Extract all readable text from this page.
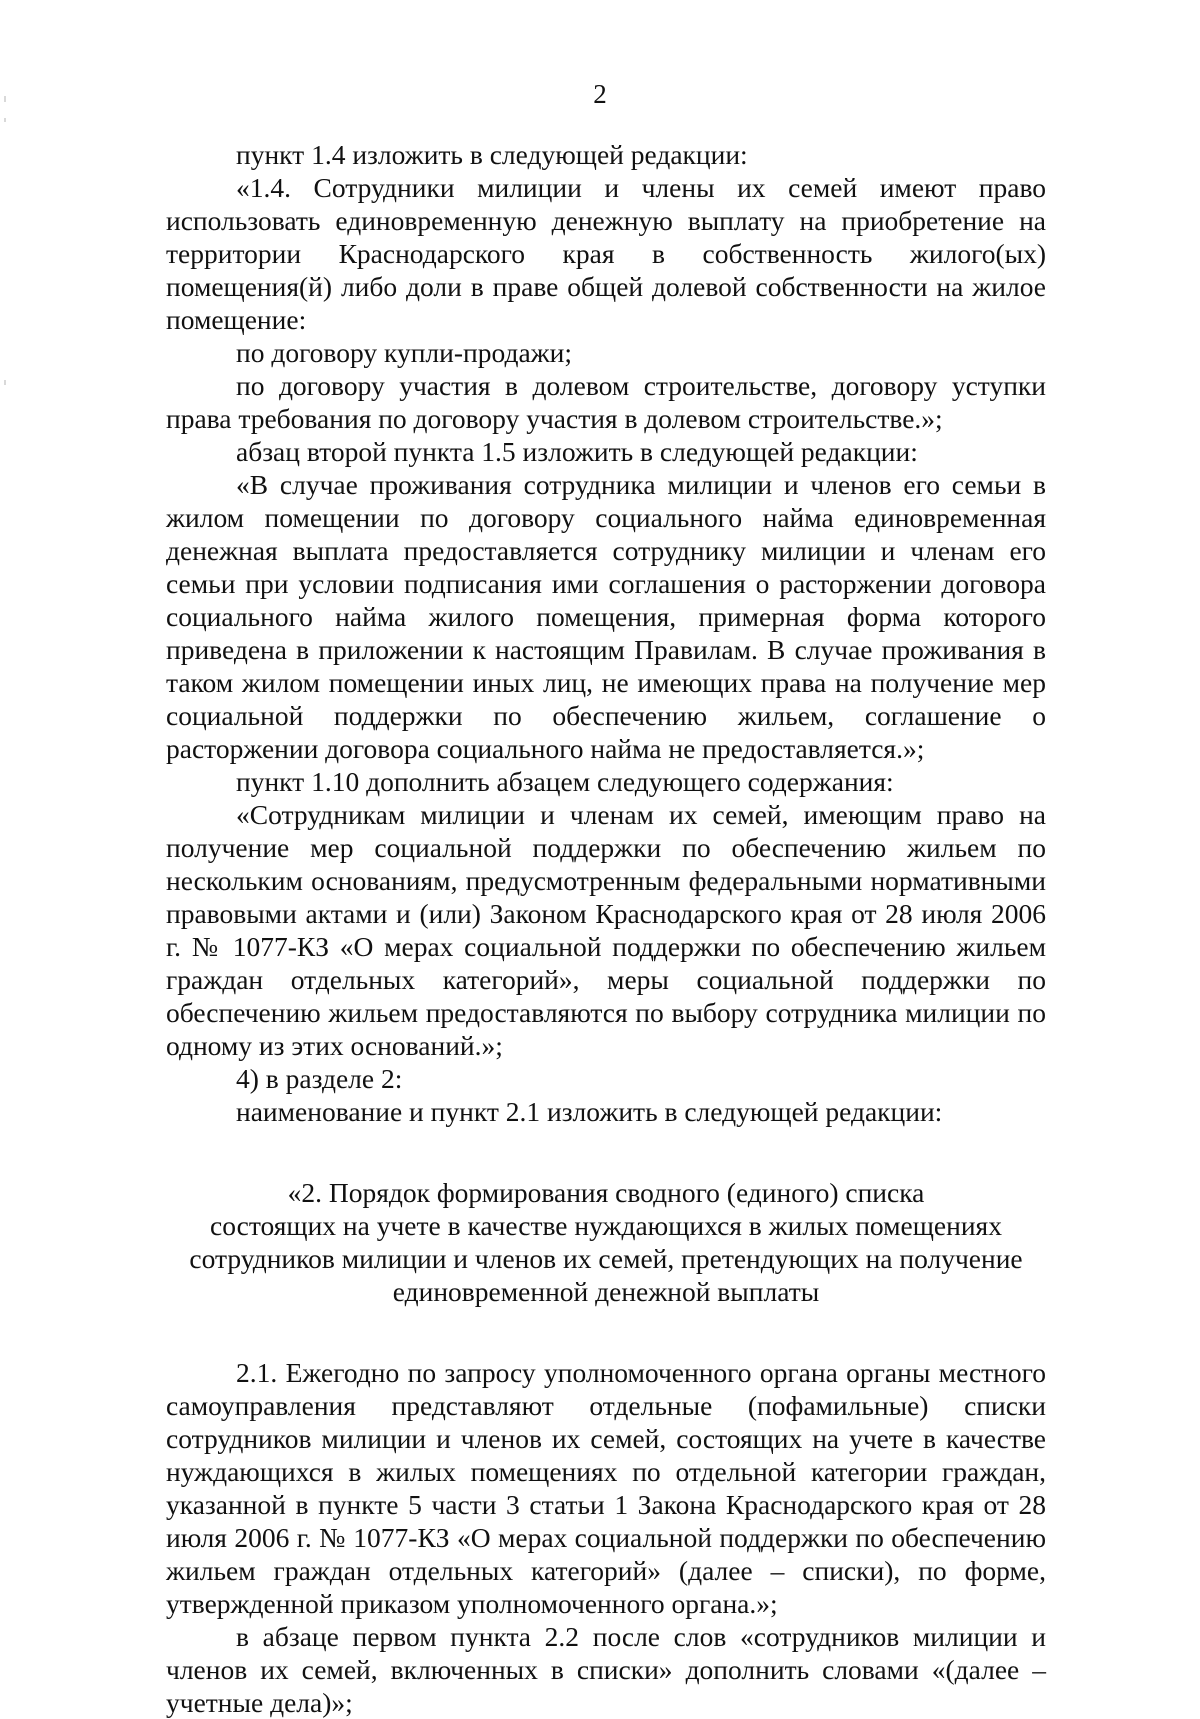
2

пункт 1.4 изложить в следующей редакции:

«1.4. Сотрудники милиции и члены их семей имеют право использовать единовременную денежную выплату на приобретение на территории Краснодарского края в собственность жилого(ых) помещения(й) либо доли в праве общей долевой собственности на жилое помещение:

по договору купли-продажи;

по договору участия в долевом строительстве, договору уступки права требования по договору участия в долевом строительстве.»;

абзац второй пункта 1.5 изложить в следующей редакции:

«В случае проживания сотрудника милиции и членов его семьи в жилом помещении по договору социального найма единовременная денежная выплата предоставляется сотруднику милиции и членам его семьи при условии подписания ими соглашения о расторжении договора социального найма жилого помещения, примерная форма которого приведена в приложении к настоящим Правилам. В случае проживания в таком жилом помещении иных лиц, не имеющих права на получение мер социальной поддержки по обеспечению жильем, соглашение о расторжении договора социального найма не предоставляется.»;

пункт 1.10 дополнить абзацем следующего содержания:

«Сотрудникам милиции и членам их семей, имеющим право на получение мер социальной поддержки по обеспечению жильем по нескольким основаниям, предусмотренным федеральными нормативными правовыми актами и (или) Законом Краснодарского края от 28 июля 2006 г. № 1077-КЗ «О мерах социальной поддержки по обеспечению жильем граждан отдельных категорий», меры социальной поддержки по обеспечению жильем предоставляются по выбору сотрудника милиции по одному из этих оснований.»;

4) в разделе 2:

наименование и пункт 2.1 изложить в следующей редакции:

«2. Порядок формирования сводного (единого) списка
состоящих на учете в качестве нуждающихся в жилых помещениях
сотрудников милиции и членов их семей, претендующих на получение
единовременной денежной выплаты

2.1. Ежегодно по запросу уполномоченного органа органы местного самоуправления представляют отдельные (пофамильные) списки сотрудников милиции и членов их семей, состоящих на учете в качестве нуждающихся в жилых помещениях по отдельной категории граждан, указанной в пункте 5 части 3 статьи 1 Закона Краснодарского края от 28 июля 2006 г. № 1077-КЗ «О мерах социальной поддержки по обеспечению жильем граждан отдельных категорий» (далее – списки), по форме, утвержденной приказом уполномоченного органа.»;

в абзаце первом пункта 2.2 после слов «сотрудников милиции и членов их семей, включенных в списки» дополнить словами «(далее – учетные дела)»;
